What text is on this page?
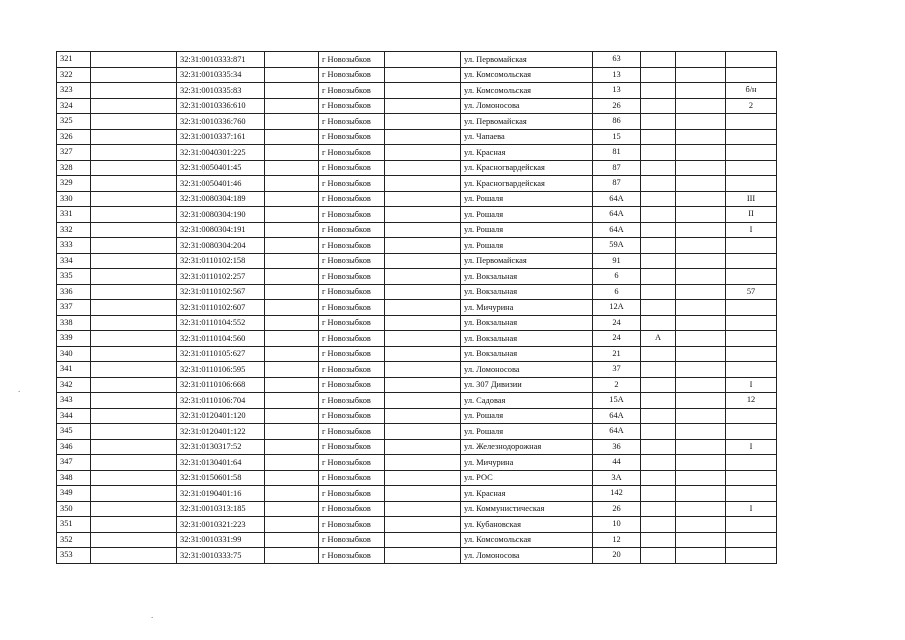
321		32:31:0010333:871		г Новозыбков		ул. Первомайская	63			
322		32:31:0010335:34		г Новозыбков		ул. Комсомольская	13			
323		32:31:0010335:83		г Новозыбков		ул. Комсомольская	13			б/н
324		32:31:0010336:610		г Новозыбков		ул. Ломоносова	26			2
325		32:31:0010336:760		г Новозыбков		ул. Первомайская	86			
326		32:31:0010337:161		г Новозыбков		ул. Чапаева	15			
327		32:31:0040301:225		г Новозыбков		ул. Красная	81			
328		32:31:0050401:45		г Новозыбков		ул. Красногвардейская	87			
329		32:31:0050401:46		г Новозыбков		ул. Красногвардейская	87			
330		32:31:0080304:189		г Новозыбков		ул. Рошаля	64А			III
331		32:31:0080304:190		г Новозыбков		ул. Рошаля	64А			II
332		32:31:0080304:191		г Новозыбков		ул. Рошаля	64А			I
333		32:31:0080304:204		г Новозыбков		ул. Рошаля	59А			
334		32:31:0110102:158		г Новозыбков		ул. Первомайская	91			
335		32:31:0110102:257		г Новозыбков		ул. Вокзальная	6			
336		32:31:0110102:567		г Новозыбков		ул. Вокзальная	6			57
337		32:31:0110102:607		г Новозыбков		ул. Мичурина	12А			
338		32:31:0110104:552		г Новозыбков		ул. Вокзальная	24			
339		32:31:0110104:560		г Новозыбков		ул. Вокзальная	24	А		
340		32:31:0110105:627		г Новозыбков		ул. Вокзальная	21			
341		32:31:0110106:595		г Новозыбков		ул. Ломоносова	37			
342		32:31:0110106:668		г Новозыбков		ул. 307 Дивизии	2			I
343		32:31:0110106:704		г Новозыбков		ул. Садовая	15А			12
344		32:31:0120401:120		г Новозыбков		ул. Рошаля	64А			
345		32:31:0120401:122		г Новозыбков		ул. Рошаля	64А			
346		32:31:0130317:52		г Новозыбков		ул. Железнодорожная	36			I
347		32:31:0130401:64		г Новозыбков		ул. Мичурина	44			
348		32:31:0150601:58		г Новозыбков		ул. РОС	3А			
349		32:31:0190401:16		г Новозыбков		ул. Красная	142			
350		32:31:0010313:185		г Новозыбков		ул. Коммунистическая	26			I
351		32:31:0010321:223		г Новозыбков		ул. Кубановская	10			
352		32:31:0010331:99		г Новозыбков		ул. Комсомольская	12			
353		32:31:0010333:75		г Новозыбков		ул. Ломоносова	20			
.
.
